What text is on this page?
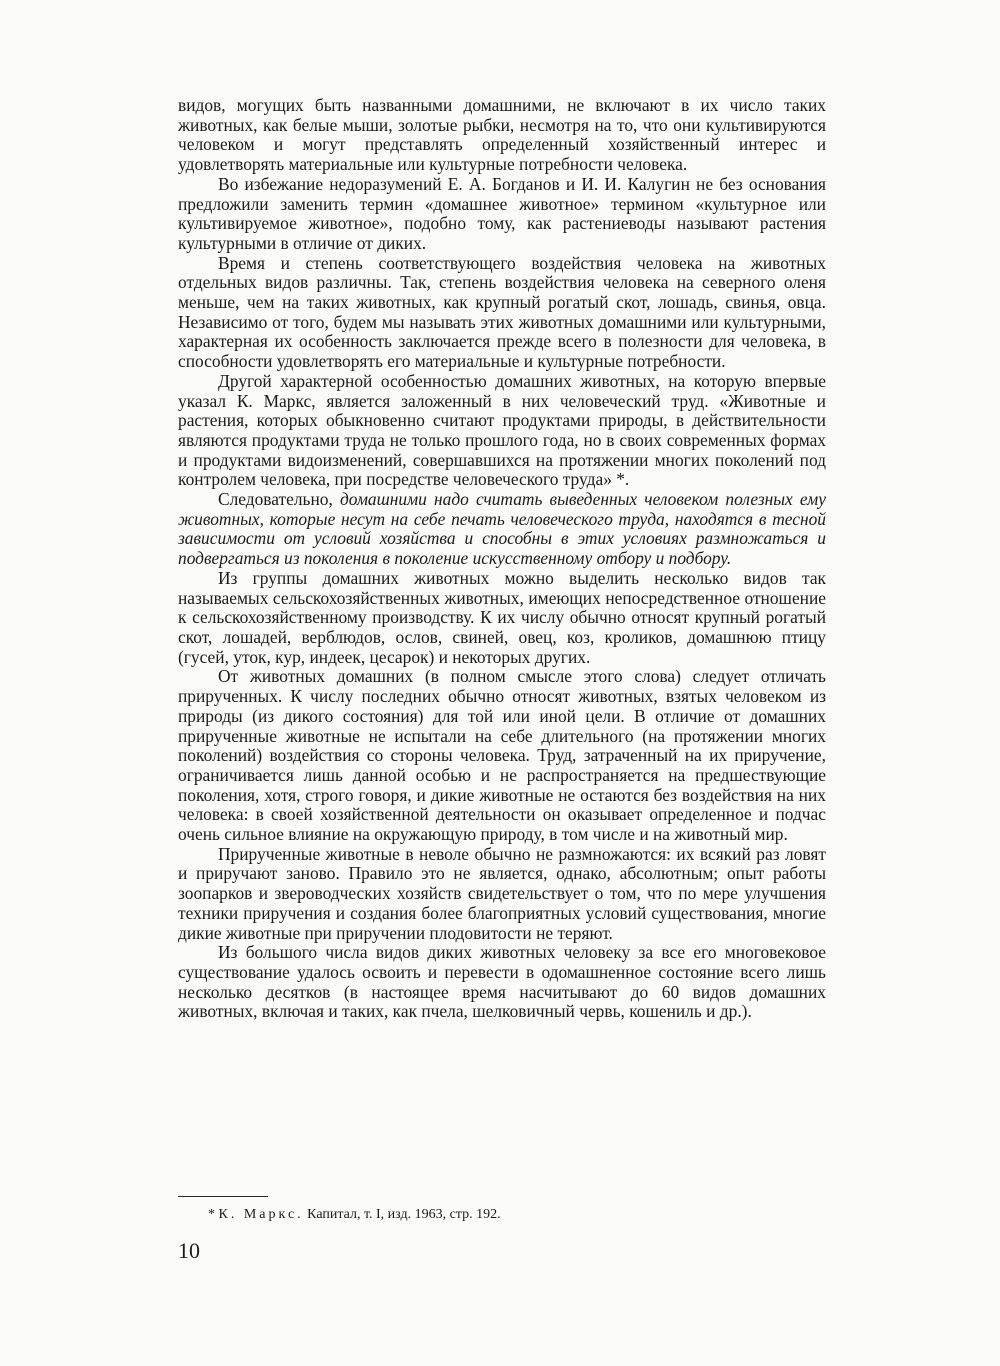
видов, могущих быть названными домашними, не включают в их число таких животных, как белые мыши, золотые рыбки, несмотря на то, что они культивируются человеком и могут представлять определенный хозяйственный интерес и удовлетворять материальные или культурные потребности человека.

Во избежание недоразумений Е. А. Богданов и И. И. Калугин не без основания предложили заменить термин «домашнее животное» термином «культурное или культивируемое животное», подобно тому, как растениеводы называют растения культурными в отличие от диких.

Время и степень соответствующего воздействия человека на животных отдельных видов различны. Так, степень воздействия человека на северного оленя меньше, чем на таких животных, как крупный рогатый скот, лошадь, свинья, овца. Независимо от того, будем мы называть этих животных домашними или культурными, характерная их особенность заключается прежде всего в полезности для человека, в способности удовлетворять его материальные и культурные потребности.

Другой характерной особенностью домашних животных, на которую впервые указал К. Маркс, является заложенный в них человеческий труд. «Животные и растения, которых обыкновенно считают продуктами природы, в действительности являются продуктами труда не только прошлого года, но в своих современных формах и продуктами видоизменений, совершавшихся на протяжении многих поколений под контролем человека, при посредстве человеческого труда» *.

Следовательно, домашними надо считать выведенных человеком полезных ему животных, которые несут на себе печать человеческого труда, находятся в тесной зависимости от условий хозяйства и способны в этих условиях размножаться и подвергаться из поколения в поколение искусственному отбору и подбору.

Из группы домашних животных можно выделить несколько видов так называемых сельскохозяйственных животных, имеющих непосредственное отношение к сельскохозяйственному производству. К их числу обычно относят крупный рогатый скот, лошадей, верблюдов, ослов, свиней, овец, коз, кроликов, домашнюю птицу (гусей, уток, кур, индеек, цесарок) и некоторых других.

От животных домашних (в полном смысле этого слова) следует отличать прирученных. К числу последних обычно относят животных, взятых человеком из природы (из дикого состояния) для той или иной цели. В отличие от домашних прирученные животные не испытали на себе длительного (на протяжении многих поколений) воздействия со стороны человека. Труд, затраченный на их приручение, ограничивается лишь данной особью и не распространяется на предшествующие поколения, хотя, строго говоря, и дикие животные не остаются без воздействия на них человека: в своей хозяйственной деятельности он оказывает определенное и подчас очень сильное влияние на окружающую природу, в том числе и на животный мир.

Прирученные животные в неволе обычно не размножаются: их всякий раз ловят и приручают заново. Правило это не является, однако, абсолютным; опыт работы зоопарков и звероводческих хозяйств свидетельствует о том, что по мере улучшения техники приручения и создания более благоприятных условий существования, многие дикие животные при приручении плодовитости не теряют.

Из большого числа видов диких животных человеку за все его многовековое существование удалось освоить и перевести в одомашненное состояние всего лишь несколько десятков (в настоящее время насчитывают до 60 видов домашних животных, включая и таких, как пчела, шелковичный червь, кошениль и др.).

* К. Маркс. Капитал, т. I, изд. 1963, стр. 192.
10
